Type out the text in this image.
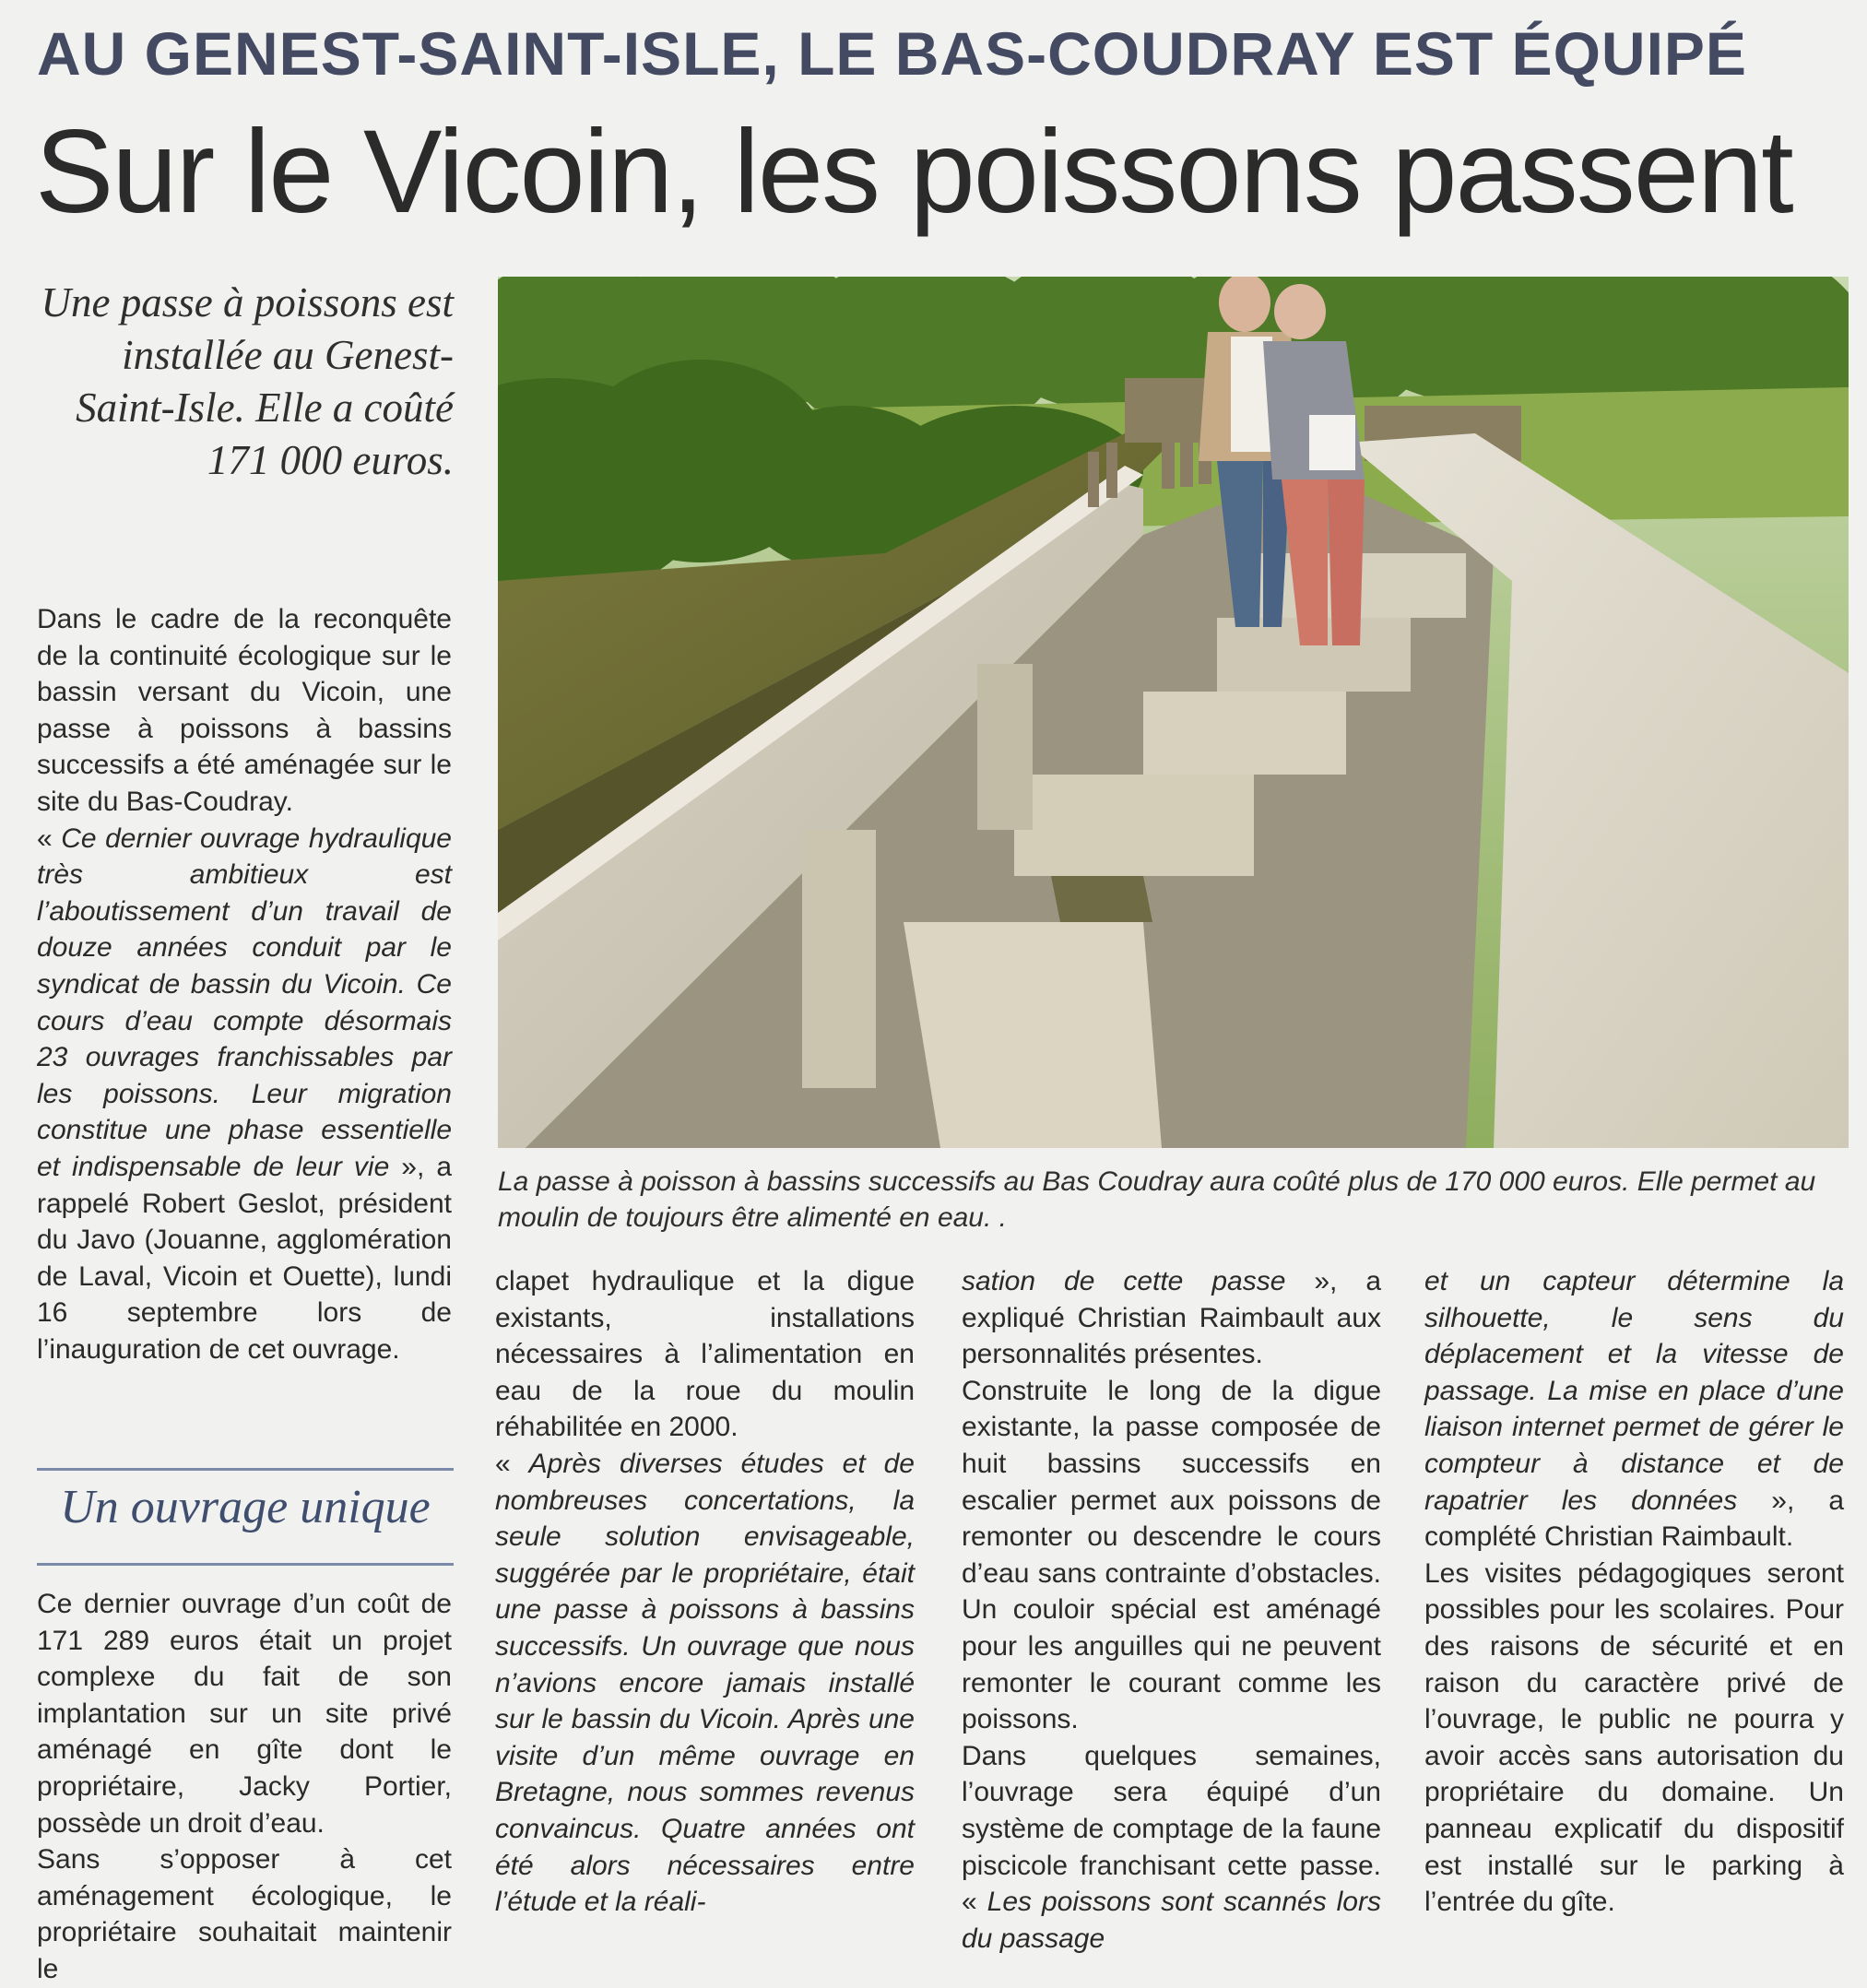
AU GENEST-SAINT-ISLE, LE BAS-COUDRAY EST ÉQUIPÉ
Sur le Vicoin, les poissons passent
Une passe à poissons est installée au Genest-Saint-Isle. Elle a coûté 171 000 euros.
La passe à poisson à bassins successifs au Bas Coudray aura coûté plus de 170 000 euros. Elle permet au moulin de toujours être alimenté en eau. .

Dans le cadre de la reconquête de la continuité écologique sur le bassin versant du Vicoin, une passe à poissons à bassins successifs a été aménagée sur le site du Bas-Coudray.

« Ce dernier ouvrage hydraulique très ambitieux est l’aboutissement d’un travail de douze années conduit par le syndicat de bassin du Vicoin. Ce cours d’eau compte désormais 23 ouvrages franchissables par les poissons. Leur migration constitue une phase essentielle et indispensable de leur vie », a rappelé Robert Geslot, président du Javo (Jouanne, agglomération de Laval, Vicoin et Ouette), lundi 16 septembre lors de l’inauguration de cet ouvrage.

Un ouvrage unique

Ce dernier ouvrage d’un coût de 171 289 euros était un projet complexe du fait de son implantation sur un site privé aménagé en gîte dont le propriétaire, Jacky Portier, possède un droit d’eau.

Sans s’opposer à cet aménagement écologique, le propriétaire souhaitait maintenir le

clapet hydraulique et la digue existants, installations nécessaires à l’alimentation en eau de la roue du moulin réhabilitée en 2000.

« Après diverses études et de nombreuses concertations, la seule solution envisageable, suggérée par le propriétaire, était une passe à poissons à bassins successifs. Un ouvrage que nous n’avions encore jamais installé sur le bassin du Vicoin. Après une visite d’un même ouvrage en Bretagne, nous sommes revenus convaincus. Quatre années ont été alors nécessaires entre l’étude et la réali-

sation de cette passe », a expliqué Christian Raimbault aux personnalités présentes.

Construite le long de la digue existante, la passe composée de huit bassins successifs en escalier permet aux poissons de remonter ou descendre le cours d’eau sans contrainte d’obstacles. Un couloir spécial est aménagé pour les anguilles qui ne peuvent remonter le courant comme les poissons.

Dans quelques semaines, l’ouvrage sera équipé d’un système de comptage de la faune piscicole franchisant cette passe. « Les poissons sont scannés lors du passage

et un capteur détermine la silhouette, le sens du déplacement et la vitesse de passage. La mise en place d’une liaison internet permet de gérer le compteur à distance et de rapatrier les données », a complété Christian Raimbault.

Les visites pédagogiques seront possibles pour les scolaires. Pour des raisons de sécurité et en raison du caractère privé de l’ouvrage, le public ne pourra y avoir accès sans autorisation du propriétaire du domaine. Un panneau explicatif du dispositif est installé sur le parking à l’entrée du gîte.
